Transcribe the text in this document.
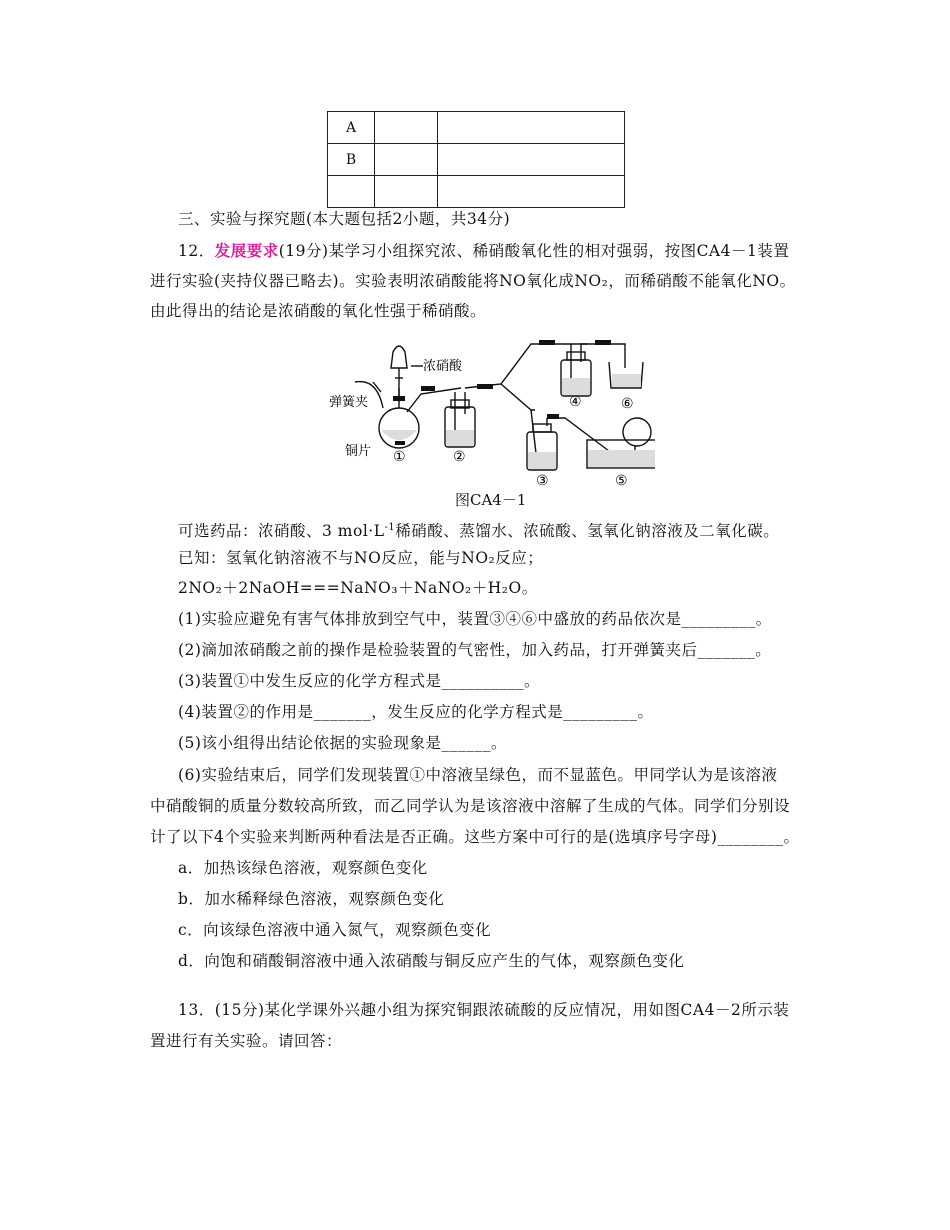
A		
B		

三、实验与探究题(本大题包括2小题，共34分)
12．发展要求(19分)某学习小组探究浓、稀硝酸氧化性的相对强弱，按图CA4－1装置
进行实验(夹持仪器已略去)。实验表明浓硝酸能将NO氧化成NO₂，而稀硝酸不能氧化NO。
由此得出的结论是浓硝酸的氧化性强于稀硝酸。
浓硝酸
弹簧夹
铜片 ①	②
④	⑥
③	⑤
图CA4－1
可选药品：浓硝酸、3 $mol\cdot L^{-1}$稀硝酸、蒸馏水、浓硫酸、氢氧化钠溶液及二氧化碳。
已知：氢氧化钠溶液不与NO反应，能与NO₂反应；
2NO₂＋2NaOH===NaNO₃＋NaNO₂＋H₂O。
(1)实验应避免有害气体排放到空气中，装置③④⑥中盛放的药品依次是_________。
(2)滴加浓硝酸之前的操作是检验装置的气密性，加入药品，打开弹簧夹后_______。
(3)装置①中发生反应的化学方程式是__________。
(4)装置②的作用是_______，发生反应的化学方程式是_________。
(5)该小组得出结论依据的实验现象是______。
(6)实验结束后，同学们发现装置①中溶液呈绿色，而不显蓝色。甲同学认为是该溶液
中硝酸铜的质量分数较高所致，而乙同学认为是该溶液中溶解了生成的气体。同学们分别设
计了以下4个实验来判断两种看法是否正确。这些方案中可行的是(选填序号字母)________。
a．加热该绿色溶液，观察颜色变化
b．加水稀释绿色溶液，观察颜色变化
c．向该绿色溶液中通入氮气，观察颜色变化
d．向饱和硝酸铜溶液中通入浓硝酸与铜反应产生的气体，观察颜色变化
13．(15分)某化学课外兴趣小组为探究铜跟浓硫酸的反应情况，用如图CA4－2所示装
置进行有关实验。请回答：
